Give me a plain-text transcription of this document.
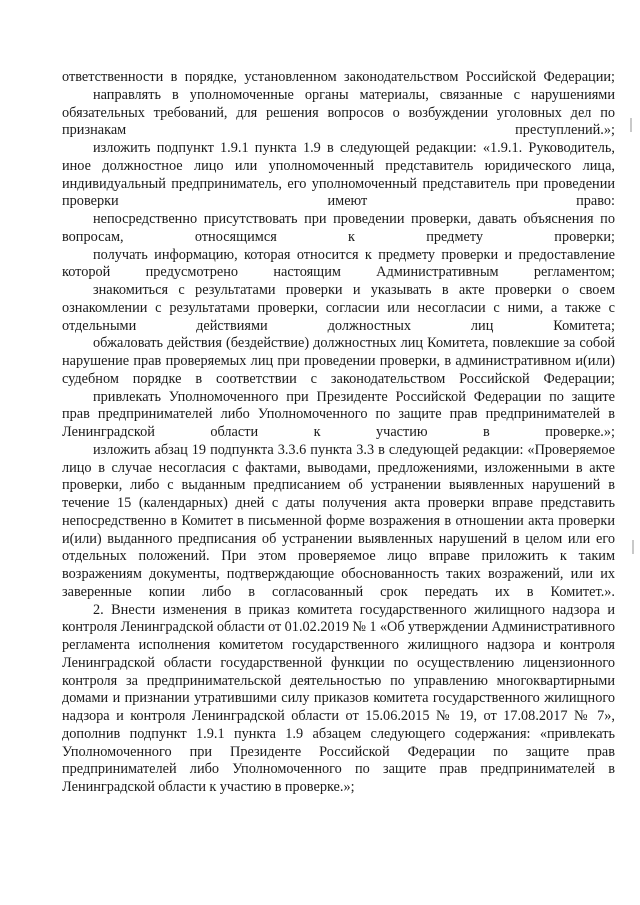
ответственности в порядке, установленном законодательством Российской Федерации;

направлять в уполномоченные органы материалы, связанные с нарушениями обязательных требований, для решения вопросов о возбуждении уголовных дел по признакам преступлений.»;

изложить подпункт 1.9.1 пункта 1.9 в следующей редакции: «1.9.1. Руководитель, иное должностное лицо или уполномоченный представитель юридического лица, индивидуальный предприниматель, его уполномоченный представитель при проведении проверки имеют право:

непосредственно присутствовать при проведении проверки, давать объяснения по вопросам, относящимся к предмету проверки;

получать информацию, которая относится к предмету проверки и предоставление которой предусмотрено настоящим Административным регламентом;

знакомиться с результатами проверки и указывать в акте проверки о своем ознакомлении с результатами проверки, согласии или несогласии с ними, а также с отдельными действиями должностных лиц Комитета;

обжаловать действия (бездействие) должностных лиц Комитета, повлекшие за собой нарушение прав проверяемых лиц при проведении проверки, в административном и(или) судебном порядке в соответствии с законодательством Российской Федерации;

привлекать Уполномоченного при Президенте Российской Федерации по защите прав предпринимателей либо Уполномоченного по защите прав предпринимателей в Ленинградской области к участию в проверке.»;

изложить абзац 19 подпункта 3.3.6 пункта 3.3 в следующей редакции: «Проверяемое лицо в случае несогласия с фактами, выводами, предложениями, изложенными в акте проверки, либо с выданным предписанием об устранении выявленных нарушений в течение 15 (календарных) дней с даты получения акта проверки вправе представить непосредственно в Комитет в письменной форме возражения в отношении акта проверки и(или) выданного предписания об устранении выявленных нарушений в целом или его отдельных положений. При этом проверяемое лицо вправе приложить к таким возражениям документы, подтверждающие обоснованность таких возражений, или их заверенные копии либо в согласованный срок передать их в Комитет.».

2. Внести изменения в приказ комитета государственного жилищного надзора и контроля Ленинградской области от 01.02.2019 № 1 «Об утверждении Административного регламента исполнения комитетом государственного жилищного надзора и контроля Ленинградской области государственной функции по осуществлению лицензионного контроля за предпринимательской деятельностью по управлению многоквартирными домами и признании утратившими силу приказов комитета государственного жилищного надзора и контроля Ленинградской области от 15.06.2015 № 19, от 17.08.2017 № 7», дополнив подпункт 1.9.1 пункта 1.9 абзацем следующего содержания: «привлекать Уполномоченного при Президенте Российской Федерации по защите прав предпринимателей либо Уполномоченного по защите прав предпринимателей в Ленинградской области к участию в проверке.»;
